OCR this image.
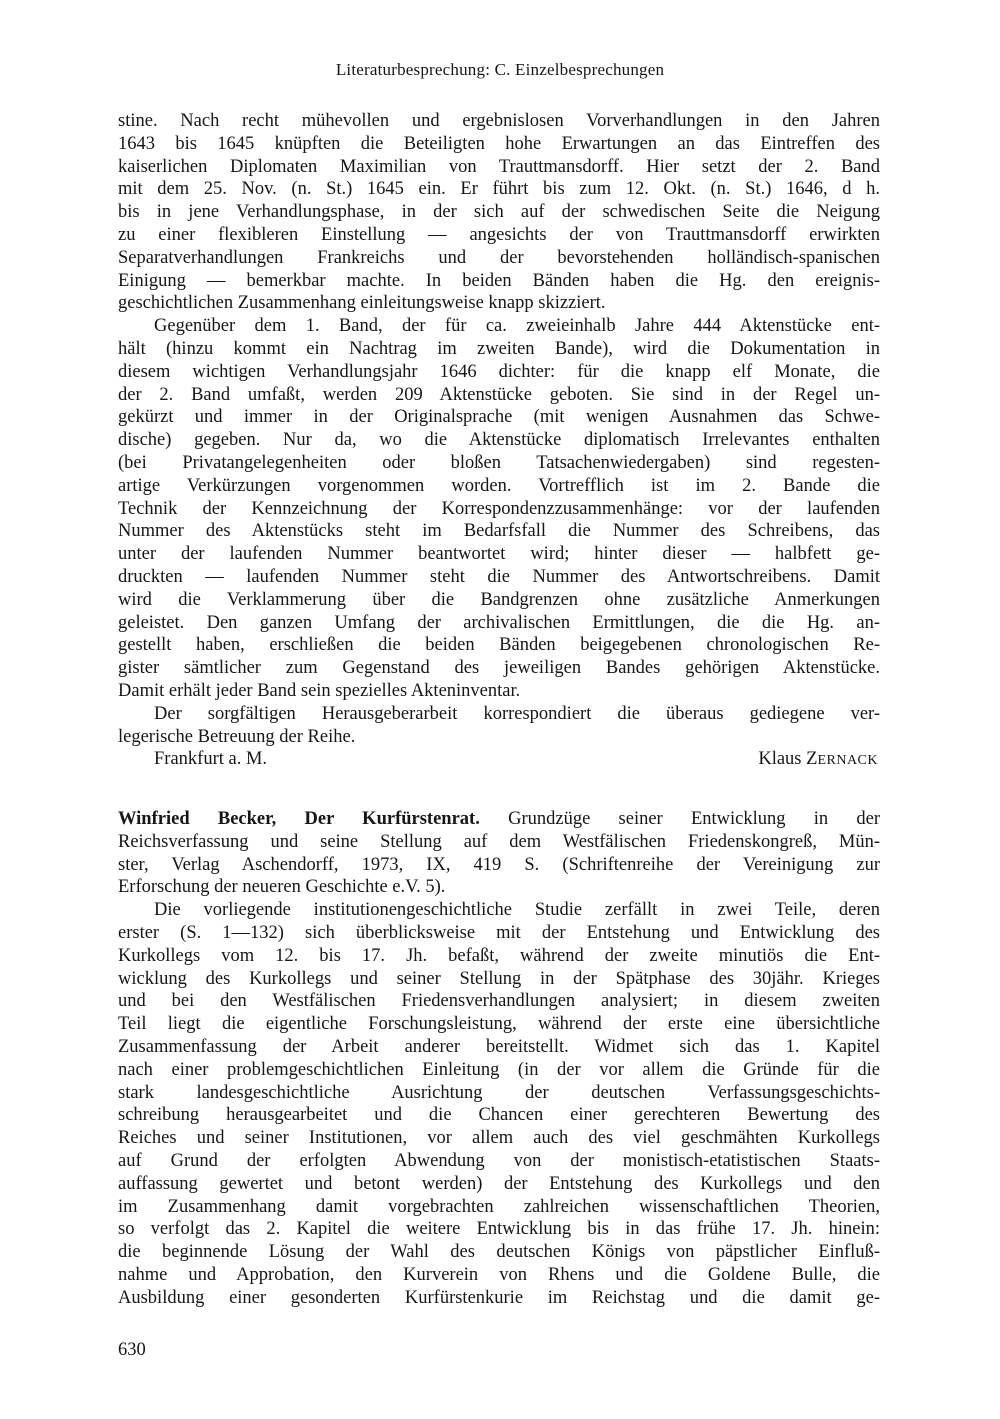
Literaturbesprechung: C. Einzelbesprechungen
stine. Nach recht mühevollen und ergebnislosen Vorverhandlungen in den Jahren
1643 bis 1645 knüpften die Beteiligten hohe Erwartungen an das Eintreffen des
kaiserlichen Diplomaten Maximilian von Trauttmansdorff. Hier setzt der 2. Band
mit dem 25. Nov. (n. St.) 1645 ein. Er führt bis zum 12. Okt. (n. St.) 1646, d h.
bis in jene Verhandlungsphase, in der sich auf der schwedischen Seite die Neigung
zu einer flexibleren Einstellung — angesichts der von Trauttmansdorff erwirkten
Separatverhandlungen Frankreichs und der bevorstehenden holländisch-spanischen
Einigung — bemerkbar machte. In beiden Bänden haben die Hg. den ereignis-
geschichtlichen Zusammenhang einleitungsweise knapp skizziert.
Gegenüber dem 1. Band, der für ca. zweieinhalb Jahre 444 Aktenstücke ent-
hält (hinzu kommt ein Nachtrag im zweiten Bande), wird die Dokumentation in
diesem wichtigen Verhandlungsjahr 1646 dichter: für die knapp elf Monate, die
der 2. Band umfaßt, werden 209 Aktenstücke geboten. Sie sind in der Regel un-
gekürzt und immer in der Originalsprache (mit wenigen Ausnahmen das Schwe-
dische) gegeben. Nur da, wo die Aktenstücke diplomatisch Irrelevantes enthalten
(bei Privatangelegenheiten oder bloßen Tatsachenwiedergaben) sind regesten-
artige Verkürzungen vorgenommen worden. Vortrefflich ist im 2. Bande die
Technik der Kennzeichnung der Korrespondenzzusammenhänge: vor der laufenden
Nummer des Aktenstücks steht im Bedarfsfall die Nummer des Schreibens, das
unter der laufenden Nummer beantwortet wird; hinter dieser — halbfett ge-
druckten — laufenden Nummer steht die Nummer des Antwortschreibens. Damit
wird die Verklammerung über die Bandgrenzen ohne zusätzliche Anmerkungen
geleistet. Den ganzen Umfang der archivalischen Ermittlungen, die die Hg. an-
gestellt haben, erschließen die beiden Bänden beigegebenen chronologischen Re-
gister sämtlicher zum Gegenstand des jeweiligen Bandes gehörigen Aktenstücke.
Damit erhält jeder Band sein spezielles Akteninventar.
Der sorgfältigen Herausgeberarbeit korrespondiert die überaus gediegene ver-
legerische Betreuung der Reihe.
Frankfurt a. M.	Klaus ZERNACK
Winfried Becker, Der Kurfürstenrat. Grundzüge seiner Entwicklung in der
Reichsverfassung und seine Stellung auf dem Westfälischen Friedenskongreß, Mün-
ster, Verlag Aschendorff, 1973, IX, 419 S. (Schriftenreihe der Vereinigung zur
Erforschung der neueren Geschichte e.V. 5).
Die vorliegende institutionengeschichtliche Studie zerfällt in zwei Teile, deren
erster (S. 1—132) sich überblicksweise mit der Entstehung und Entwicklung des
Kurkollegs vom 12. bis 17. Jh. befaßt, während der zweite minutiös die Ent-
wicklung des Kurkollegs und seiner Stellung in der Spätphase des 30jähr. Krieges
und bei den Westfälischen Friedensverhandlungen analysiert; in diesem zweiten
Teil liegt die eigentliche Forschungsleistung, während der erste eine übersichtliche
Zusammenfassung der Arbeit anderer bereitstellt. Widmet sich das 1. Kapitel
nach einer problemgeschichtlichen Einleitung (in der vor allem die Gründe für die
stark landesgeschichtliche Ausrichtung der deutschen Verfassungsgeschichts-
schreibung herausgearbeitet und die Chancen einer gerechteren Bewertung des
Reiches und seiner Institutionen, vor allem auch des viel geschmähten Kurkollegs
auf Grund der erfolgten Abwendung von der monistisch-etatistischen Staats-
auffassung gewertet und betont werden) der Entstehung des Kurkollegs und den
im Zusammenhang damit vorgebrachten zahlreichen wissenschaftlichen Theorien,
so verfolgt das 2. Kapitel die weitere Entwicklung bis in das frühe 17. Jh. hinein:
die beginnende Lösung der Wahl des deutschen Königs von päpstlicher Einfluß-
nahme und Approbation, den Kurverein von Rhens und die Goldene Bulle, die
Ausbildung einer gesonderten Kurfürstenkurie im Reichstag und die damit ge-
630
